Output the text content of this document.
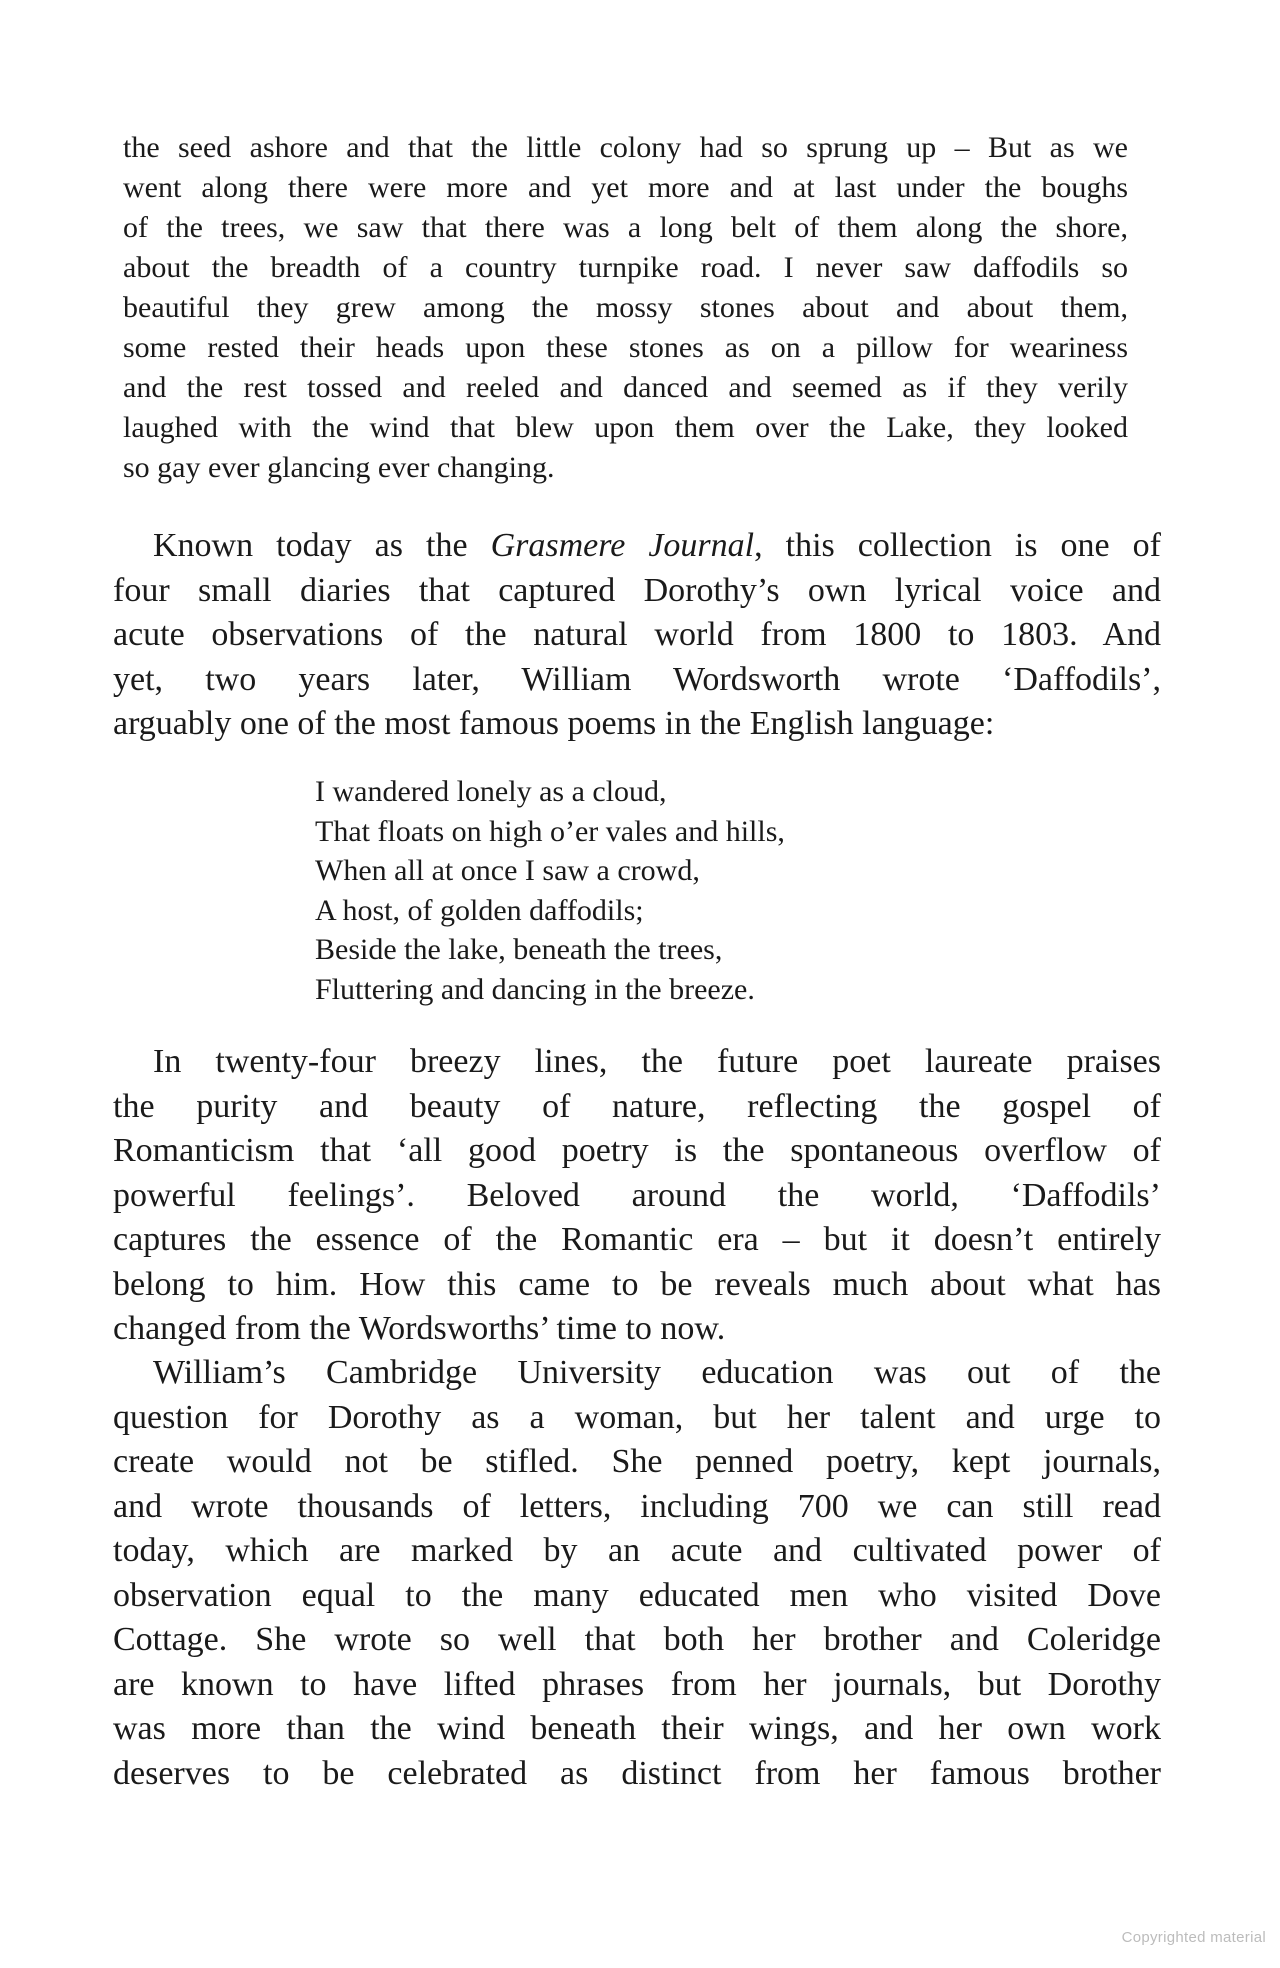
the seed ashore and that the little colony had so sprung up – But as we
went along there were more and yet more and at last under the boughs
of the trees, we saw that there was a long belt of them along the shore,
about the breadth of a country turnpike road. I never saw daffodils so
beautiful they grew among the mossy stones about and about them,
some rested their heads upon these stones as on a pillow for weariness
and the rest tossed and reeled and danced and seemed as if they verily
laughed with the wind that blew upon them over the Lake, they looked
so gay ever glancing ever changing.
Known today as the Grasmere Journal, this collection is one of
four small diaries that captured Dorothy’s own lyrical voice and
acute observations of the natural world from 1800 to 1803. And
yet, two years later, William Wordsworth wrote ‘Daffodils’,
arguably one of the most famous poems in the English language:
I wandered lonely as a cloud,
That floats on high o’er vales and hills,
When all at once I saw a crowd,
A host, of golden daffodils;
Beside the lake, beneath the trees,
Fluttering and dancing in the breeze.
In twenty-four breezy lines, the future poet laureate praises
the purity and beauty of nature, reflecting the gospel of
Romanticism that ‘all good poetry is the spontaneous overflow of
powerful feelings’. Beloved around the world, ‘Daffodils’
captures the essence of the Romantic era – but it doesn’t entirely
belong to him. How this came to be reveals much about what has
changed from the Wordsworths’ time to now.
William’s Cambridge University education was out of the
question for Dorothy as a woman, but her talent and urge to
create would not be stifled. She penned poetry, kept journals,
and wrote thousands of letters, including 700 we can still read
today, which are marked by an acute and cultivated power of
observation equal to the many educated men who visited Dove
Cottage. She wrote so well that both her brother and Coleridge
are known to have lifted phrases from her journals, but Dorothy
was more than the wind beneath their wings, and her own work
deserves to be celebrated as distinct from her famous brother
Copyrighted material
